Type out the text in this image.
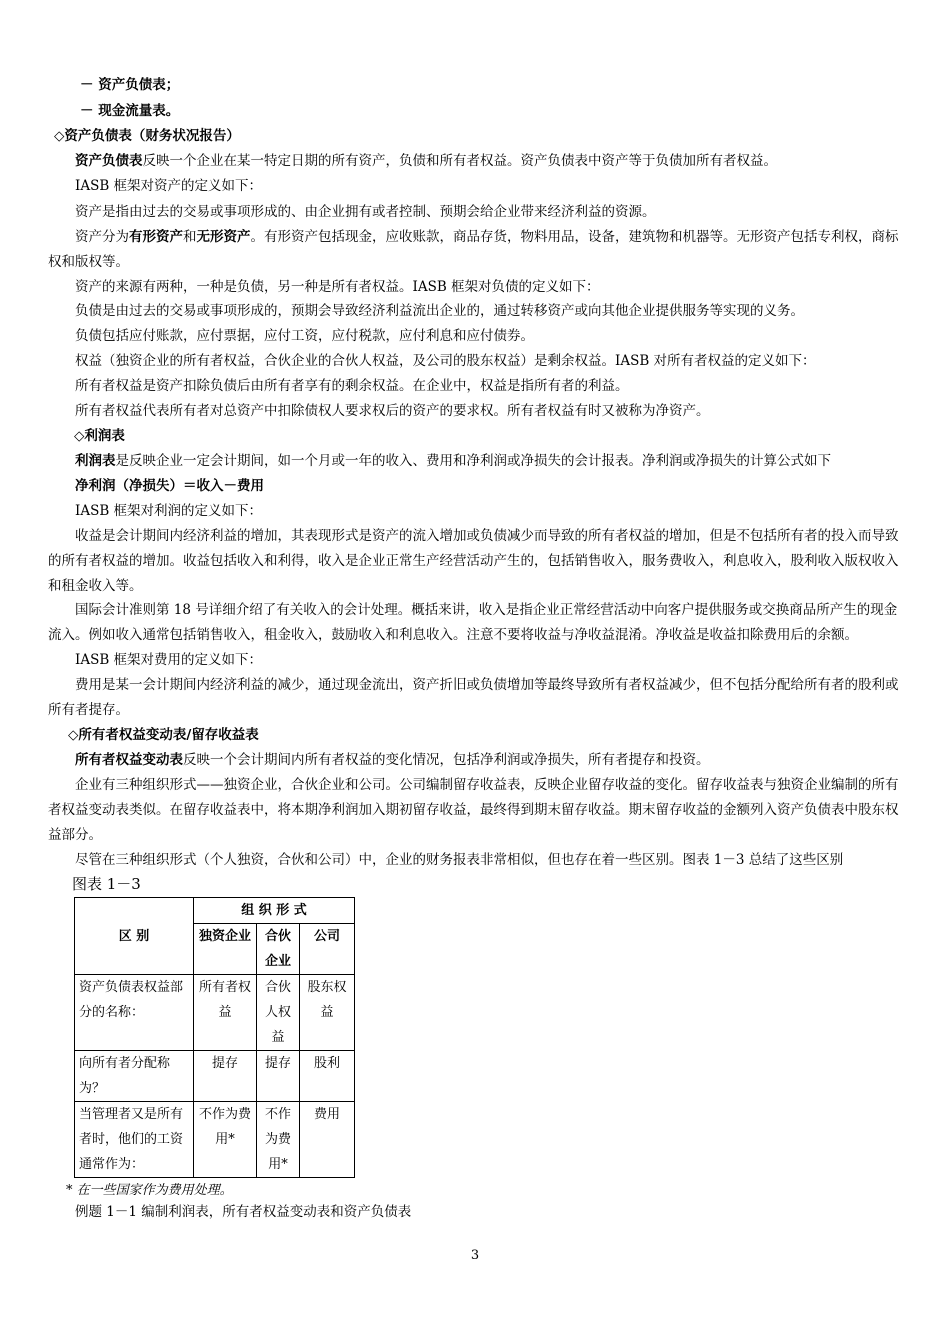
－ 资产负债表；

－ 现金流量表。

◇资产负债表（财务状况报告）

资产负债表反映一个企业在某一特定日期的所有资产，负债和所有者权益。资产负债表中资产等于负债加所有者权益。

IASB 框架对资产的定义如下：

资产是指由过去的交易或事项形成的、由企业拥有或者控制、预期会给企业带来经济利益的资源。

资产分为有形资产和无形资产。有形资产包括现金，应收账款，商品存货，物料用品，设备，建筑物和机器等。无形资产包括专利权，商标权和版权等。

资产的来源有两种，一种是负债，另一种是所有者权益。IASB 框架对负债的定义如下：

负债是由过去的交易或事项形成的，预期会导致经济利益流出企业的，通过转移资产或向其他企业提供服务等实现的义务。

负债包括应付账款，应付票据，应付工资，应付税款，应付利息和应付债券。

权益（独资企业的所有者权益，合伙企业的合伙人权益，及公司的股东权益）是剩余权益。IASB 对所有者权益的定义如下：

所有者权益是资产扣除负债后由所有者享有的剩余权益。在企业中，权益是指所有者的利益。

所有者权益代表所有者对总资产中扣除债权人要求权后的资产的要求权。所有者权益有时又被称为净资产。

◇利润表

利润表是反映企业一定会计期间，如一个月或一年的收入、费用和净利润或净损失的会计报表。净利润或净损失的计算公式如下

净利润（净损失）＝收入－费用

IASB 框架对利润的定义如下：

收益是会计期间内经济利益的增加，其表现形式是资产的流入增加或负债减少而导致的所有者权益的增加，但是不包括所有者的投入而导致的所有者权益的增加。收益包括收入和利得，收入是企业正常生产经营活动产生的，包括销售收入，服务费收入，利息收入，股利收入版权收入和租金收入等。

国际会计准则第 18 号详细介绍了有关收入的会计处理。概括来讲，收入是指企业正常经营活动中向客户提供服务或交换商品所产生的现金流入。例如收入通常包括销售收入，租金收入，鼓励收入和利息收入。注意不要将收益与净收益混淆。净收益是收益扣除费用后的余额。

IASB 框架对费用的定义如下：

费用是某一会计期间内经济利益的减少，通过现金流出，资产折旧或负债增加等最终导致所有者权益减少，但不包括分配给所有者的股利或所有者提存。

◇所有者权益变动表/留存收益表

所有者权益变动表反映一个会计期间内所有者权益的变化情况，包括净利润或净损失，所有者提存和投资。

企业有三种组织形式——独资企业，合伙企业和公司。公司编制留存收益表，反映企业留存收益的变化。留存收益表与独资企业编制的所有者权益变动表类似。在留存收益表中，将本期净利润加入期初留存收益，最终得到期末留存收益。期末留存收益的金额列入资产负债表中股东权益部分。

尽管在三种组织形式（个人独资，合伙和公司）中，企业的财务报表非常相似，但也存在着一些区别。图表 1－3 总结了这些区别

图表 1－3
区 别	组 织 形 式		
	独资企业	合伙企业	公司
资产负债表权益部分的名称：	所有者权益	合伙人权益	股东权益
向所有者分配称为？	提存	提存	股利
当管理者又是所有者时，他们的工资通常作为：	不作为费用*	不作为费用*	费用
* 在一些国家作为费用处理。

例题 1－1 编制利润表，所有者权益变动表和资产负债表

3
